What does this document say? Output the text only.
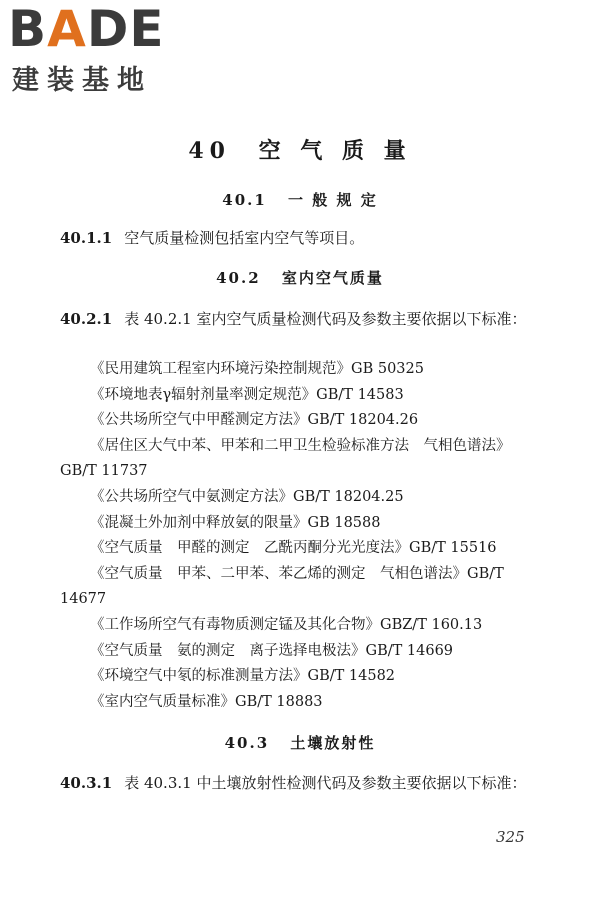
BADE
建装基地
40 空 气 质 量
40.1 一 般 规 定
40.1.1 空气质量检测包括室内空气等项目。
40.2 室内空气质量
40.2.1 表 40.2.1 室内空气质量检测代码及参数主要依据以下标准：
《民用建筑工程室内环境污染控制规范》GB 50325
《环境地表γ辐射剂量率测定规范》GB/T 14583
《公共场所空气中甲醛测定方法》GB/T 18204.26
《居住区大气中苯、甲苯和二甲卫生检验标准方法　气相色谱法》GB/T 11737
《公共场所空气中氨测定方法》GB/T 18204.25
《混凝土外加剂中释放氨的限量》GB 18588
《空气质量　甲醛的测定　乙酰丙酮分光光度法》GB/T 15516
《空气质量　甲苯、二甲苯、苯乙烯的测定　气相色谱法》GB/T 14677
《工作场所空气有毒物质测定锰及其化合物》GBZ/T 160.13
《空气质量　氨的测定　离子选择电极法》GB/T 14669
《环境空气中氡的标准测量方法》GB/T 14582
《室内空气质量标准》GB/T 18883
40.3 土壤放射性
40.3.1 表 40.3.1 中土壤放射性检测代码及参数主要依据以下标准：
325
